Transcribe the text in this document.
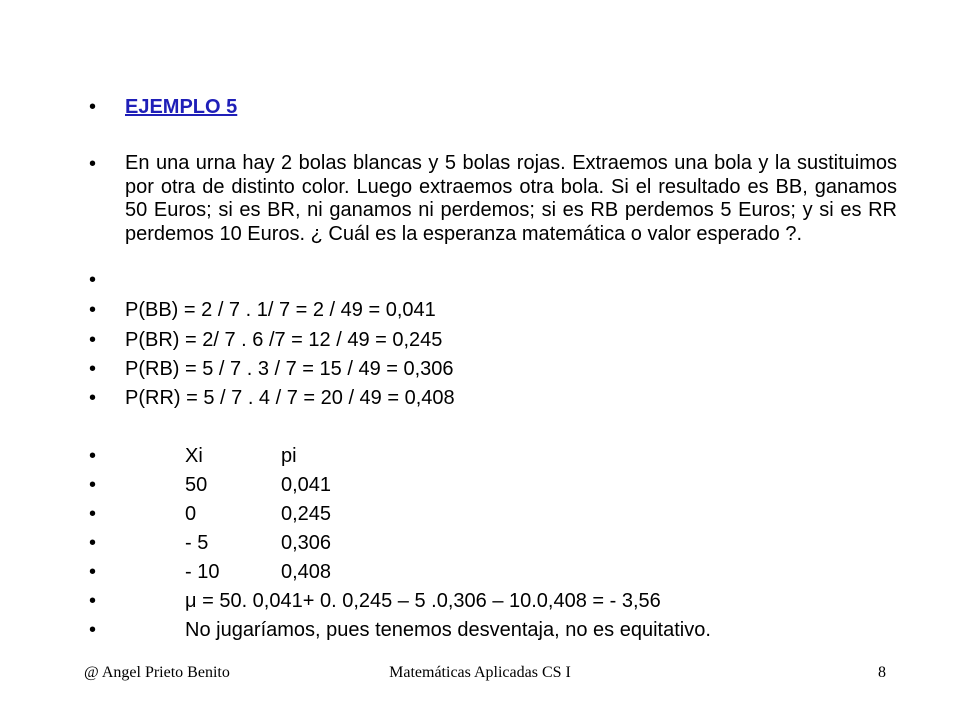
• EJEMPLO 5
• En una urna hay 2 bolas blancas y 5 bolas rojas. Extraemos una bola y la sustituimos por otra de distinto color. Luego extraemos otra bola. Si el resultado es BB, ganamos 50 Euros; si es BR, ni ganamos ni perdemos; si es RB perdemos 5 Euros; y si es RR perdemos 10 Euros. ¿ Cuál es la esperanza matemática o valor esperado ?.
•
• P(BB) = 2 / 7 . 1/ 7 = 2 / 49 = 0,041
• P(BR) = 2/ 7 . 6 /7 = 12 / 49 = 0,245
• P(RB) = 5 / 7 . 3 / 7 = 15 / 49 = 0,306
• P(RR) = 5 / 7 . 4 / 7 = 20 / 49 = 0,408
•	Xi	pi
•	50	0,041
•	0	0,245
•	- 5	0,306
•	- 10	0,408
•	μ = 50. 0,041+ 0. 0,245 – 5 .0,306 – 10.0,408 = - 3,56
•	No jugaríamos, pues tenemos desventaja, no es equitativo.
@ Angel Prieto Benito	Matemáticas Aplicadas CS I	8
